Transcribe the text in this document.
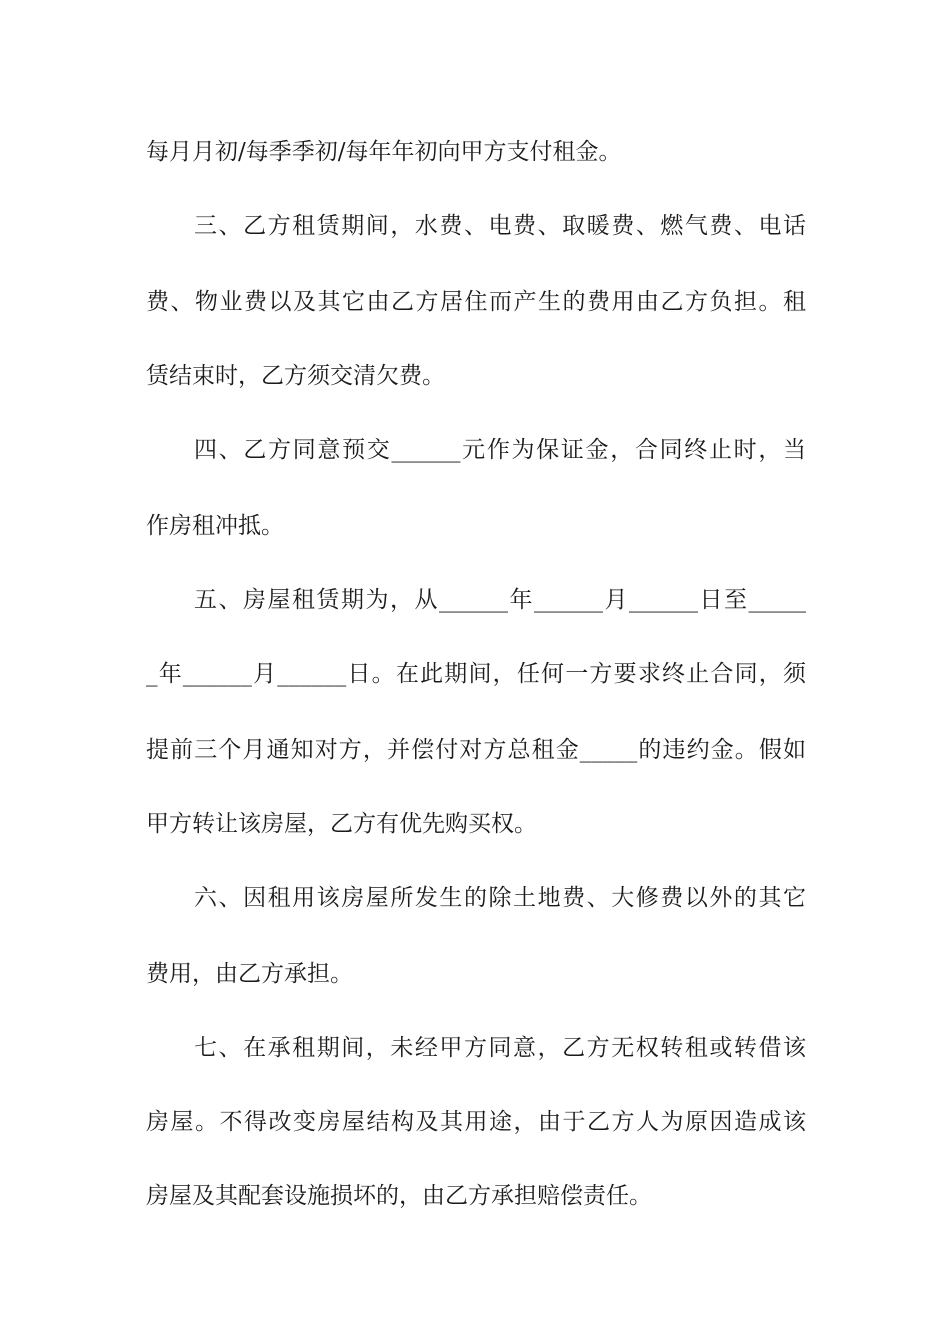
每月月初/每季季初/每年年初向甲方支付租金。
三、乙方租赁期间，水费、电费、取暖费、燃气费、电话
费、物业费以及其它由乙方居住而产生的费用由乙方负担。租
赁结束时，乙方须交清欠费。
四、乙方同意预交______元作为保证金，合同终止时，当
作房租冲抵。
五、房屋租赁期为，从______年______月______日至_____
_年______月______日。在此期间，任何一方要求终止合同，须
提前三个月通知对方，并偿付对方总租金_____的违约金。假如
甲方转让该房屋，乙方有优先购买权。
六、因租用该房屋所发生的除土地费、大修费以外的其它
费用，由乙方承担。
七、在承租期间，未经甲方同意，乙方无权转租或转借该
房屋。不得改变房屋结构及其用途，由于乙方人为原因造成该
房屋及其配套设施损坏的，由乙方承担赔偿责任。
